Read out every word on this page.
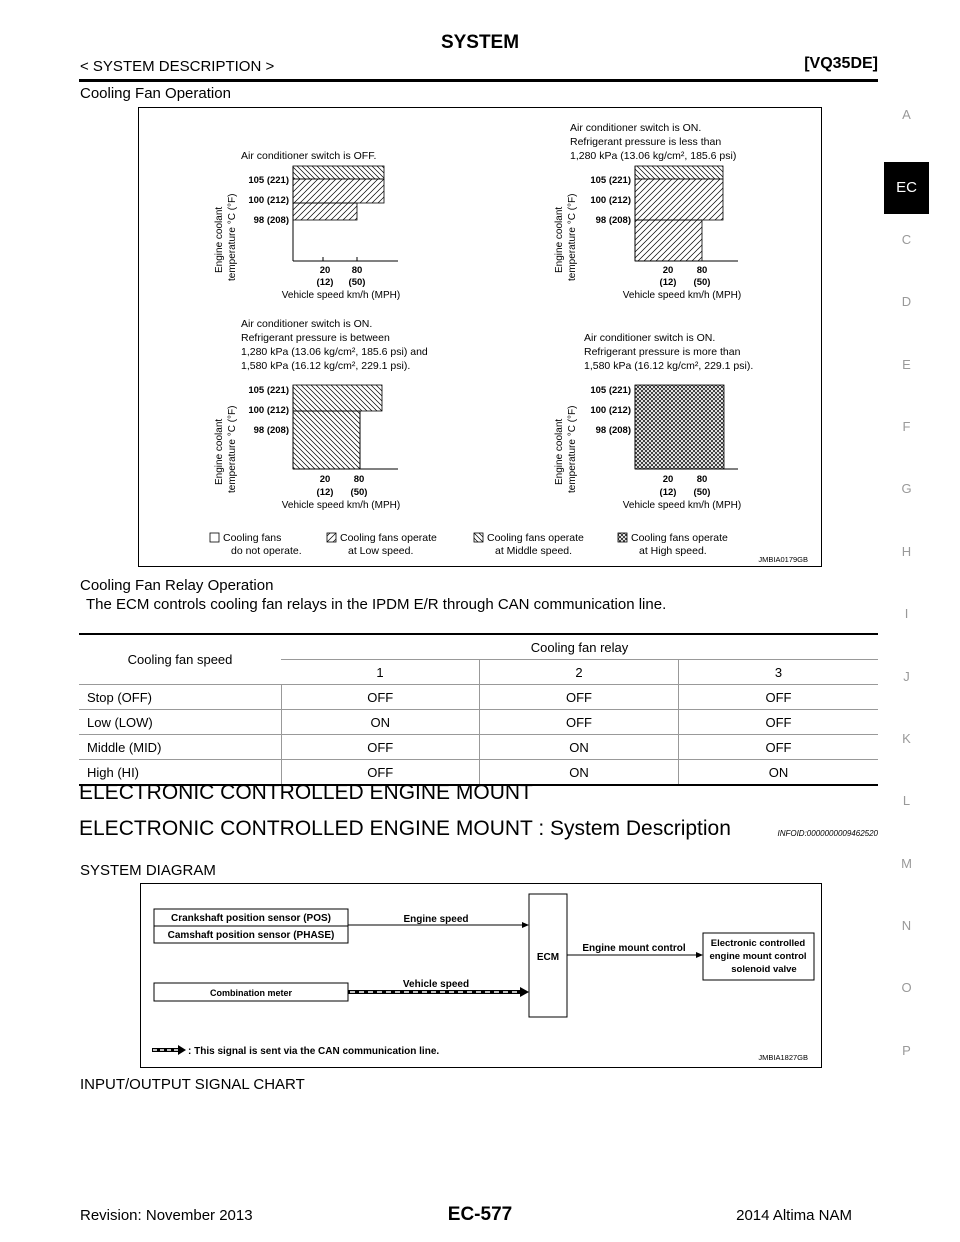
SYSTEM
< SYSTEM DESCRIPTION >	[VQ35DE]
A
EC
C
D
E
F
G
H
I
J
K
L
M
N
O
P
Cooling Fan Operation
Air conditioner switch is OFF.
105 (221)
100 (212)
98 (208)
20
(12)
80
(50)
Vehicle speed km/h (MPH)
Engine coolant temperature °C (°F)
Air conditioner switch is ON.
Refrigerant pressure is less than
1,280 kPa (13.06 kg/cm², 185.6 psi)
105 (221)
100 (212)
98 (208)
20
(12)
80
(50)
Vehicle speed km/h (MPH)
Engine coolant temperature °C (°F)
Air conditioner switch is ON.
Refrigerant pressure is between
1,280 kPa (13.06 kg/cm², 185.6 psi) and
1,580 kPa (16.12 kg/cm², 229.1 psi).
105 (221)
100 (212)
98 (208)
20
(12)
80
(50)
Vehicle speed km/h (MPH)
Engine coolant temperature °C (°F)
Air conditioner switch is ON.
Refrigerant pressure is more than
1,580 kPa (16.12 kg/cm², 229.1 psi).
105 (221)
100 (212)
98 (208)
20
(12)
80
(50)
Vehicle speed km/h (MPH)
Engine coolant temperature °C (°F)
Cooling fans
do not operate.
Cooling fans operate
at Low speed.
Cooling fans operate
at Middle speed.
Cooling fans operate
at High speed.
JMBIA0179GB
Cooling Fan Relay Operation
The ECM controls cooling fan relays in the IPDM E/R through CAN communication line.
Cooling fan speed	Cooling fan relay		
	1	2	3
Stop (OFF)	OFF	OFF	OFF
Low (LOW)	ON	OFF	OFF
Middle (MID)	OFF	ON	OFF
High (HI)	OFF	ON	ON
ELECTRONIC CONTROLLED ENGINE MOUNT
ELECTRONIC CONTROLLED ENGINE MOUNT : System Description	INFOID:0000000009462520
SYSTEM DIAGRAM
Crankshaft position sensor (POS)
Camshaft position sensor (PHASE)
Combination meter
Engine speed
Vehicle speed
ECM
Engine mount control	Electronic controlled
engine mount control
solenoid valve
: This signal is sent via the CAN communication line.
JMBIA1827GB
INPUT/OUTPUT SIGNAL CHART
Revision: November 2013	EC-577	2014 Altima NAM
